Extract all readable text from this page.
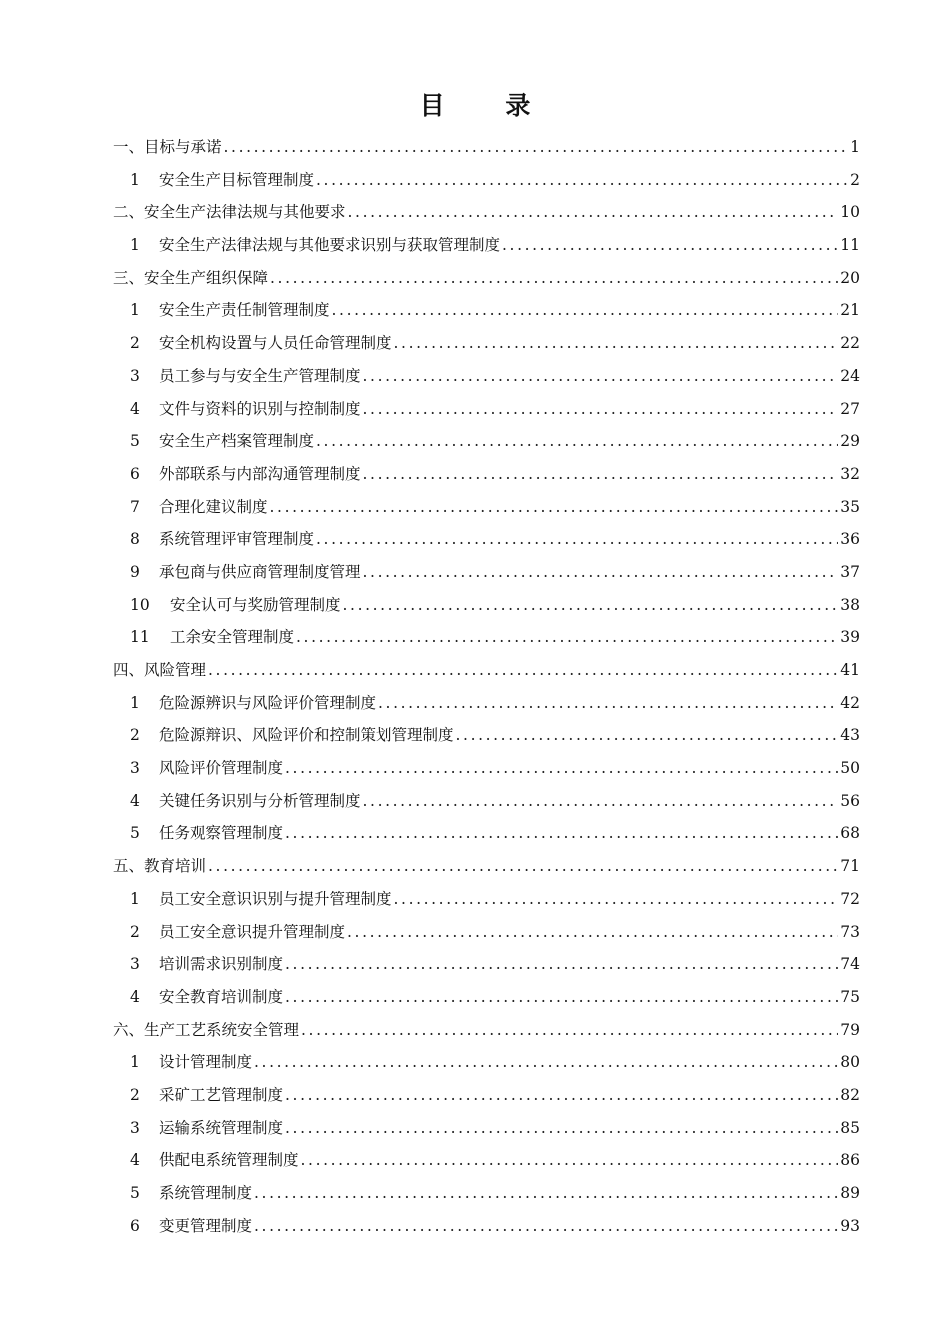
目 录
一、目标与承诺 .....	1
1	安全生产目标管理制度 .....	2
二、安全生产法律法规与其他要求 .....	10
1	安全生产法律法规与其他要求识别与获取管理制度 .....	11
三、安全生产组织保障 .....	20
1	安全生产责任制管理制度 .....	21
2	安全机构设置与人员任命管理制度 .....	22
3	员工参与与安全生产管理制度 .....	24
4	文件与资料的识别与控制制度 .....	27
5	安全生产档案管理制度 .....	29
6	外部联系与内部沟通管理制度 .....	32
7	合理化建议制度 .....	35
8	系统管理评审管理制度 .....	36
9	承包商与供应商管理制度管理 .....	37
10	安全认可与奖励管理制度 .....	38
11	工余安全管理制度 .....	39
四、风险管理 .....	41
1	危险源辨识与风险评价管理制度 .....	42
2	危险源辩识、风险评价和控制策划管理制度 .....	43
3	风险评价管理制度 .....	50
4	关键任务识别与分析管理制度 .....	56
5	任务观察管理制度 .....	68
五、教育培训 .....	71
1	员工安全意识识别与提升管理制度 .....	72
2	员工安全意识提升管理制度 .....	73
3	培训需求识别制度 .....	74
4	安全教育培训制度 .....	75
六、生产工艺系统安全管理 .....	79
1	设计管理制度 .....	80
2	采矿工艺管理制度 .....	82
3	运输系统管理制度 .....	85
4	供配电系统管理制度 .....	86
5	系统管理制度 .....	89
6	变更管理制度 .....	93
